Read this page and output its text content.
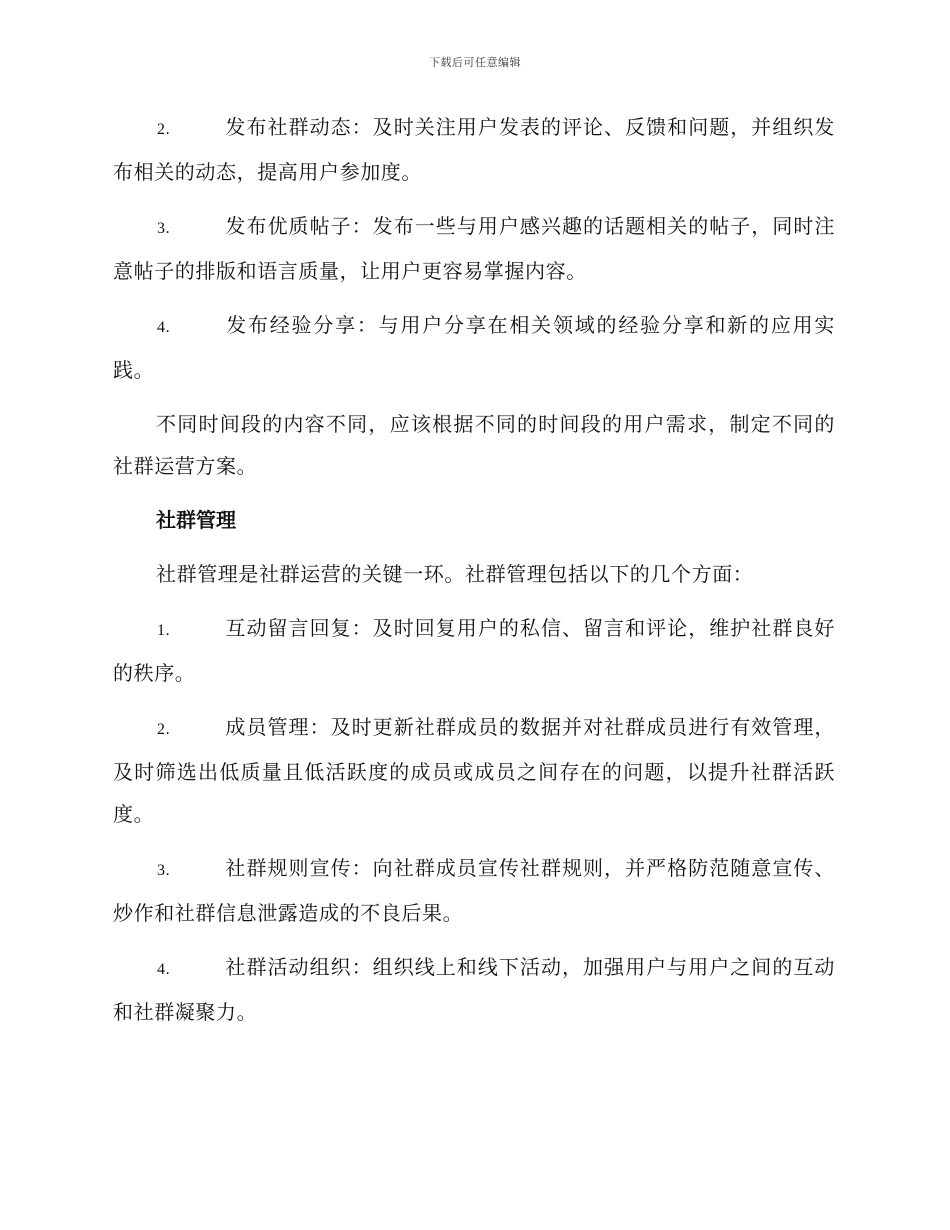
下载后可任意编辑

2.	发布社群动态：及时关注用户发表的评论、反馈和问题，并组织发布相关的动态，提高用户参加度。

3.	发布优质帖子：发布一些与用户感兴趣的话题相关的帖子，同时注意帖子的排版和语言质量，让用户更容易掌握内容。

4.	发布经验分享：与用户分享在相关领域的经验分享和新的应用实践。

不同时间段的内容不同，应该根据不同的时间段的用户需求，制定不同的社群运营方案。

社群管理

社群管理是社群运营的关键一环。社群管理包括以下的几个方面：

1.	互动留言回复：及时回复用户的私信、留言和评论，维护社群良好的秩序。

2.	成员管理：及时更新社群成员的数据并对社群成员进行有效管理，及时筛选出低质量且低活跃度的成员或成员之间存在的问题，以提升社群活跃度。

3.	社群规则宣传：向社群成员宣传社群规则，并严格防范随意宣传、炒作和社群信息泄露造成的不良后果。

4.	社群活动组织：组织线上和线下活动，加强用户与用户之间的互动和社群凝聚力。
